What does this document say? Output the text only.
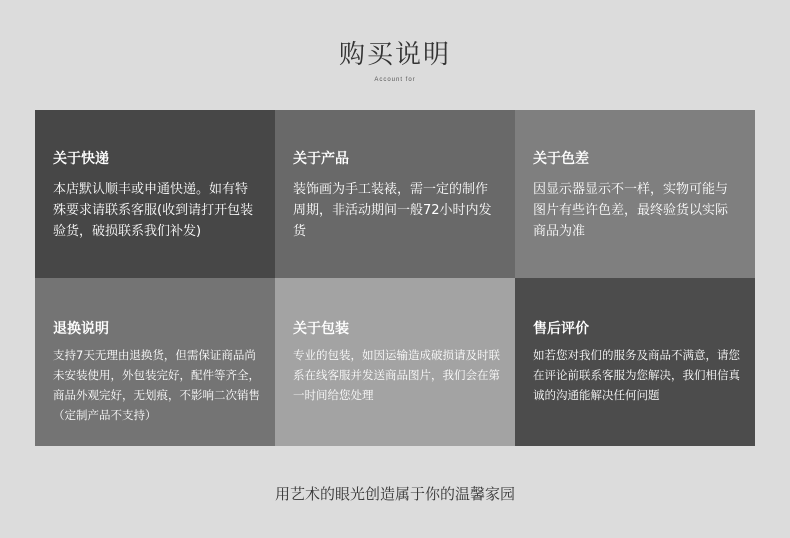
购买说明
Account for
关于快递
本店默认顺丰或申通快递。如有特殊要求请联系客服(收到请打开包装验货，破损联系我们补发)
关于产品
装饰画为手工装裱，需一定的制作周期，非活动期间一般72小时内发货
关于色差
因显示器显示不一样，实物可能与图片有些许色差，最终验货以实际商品为准
退换说明
支持7天无理由退换货，但需保证商品尚未安装使用，外包装完好，配件等齐全，商品外观完好，无划痕，不影响二次销售（定制产品不支持）
关于包装
专业的包装，如因运输造成破损请及时联系在线客服并发送商品图片，我们会在第一时间给您处理
售后评价
如若您对我们的服务及商品不满意，请您在评论前联系客服为您解决，我们相信真诚的沟通能解决任何问题
用艺术的眼光创造属于你的温馨家园
